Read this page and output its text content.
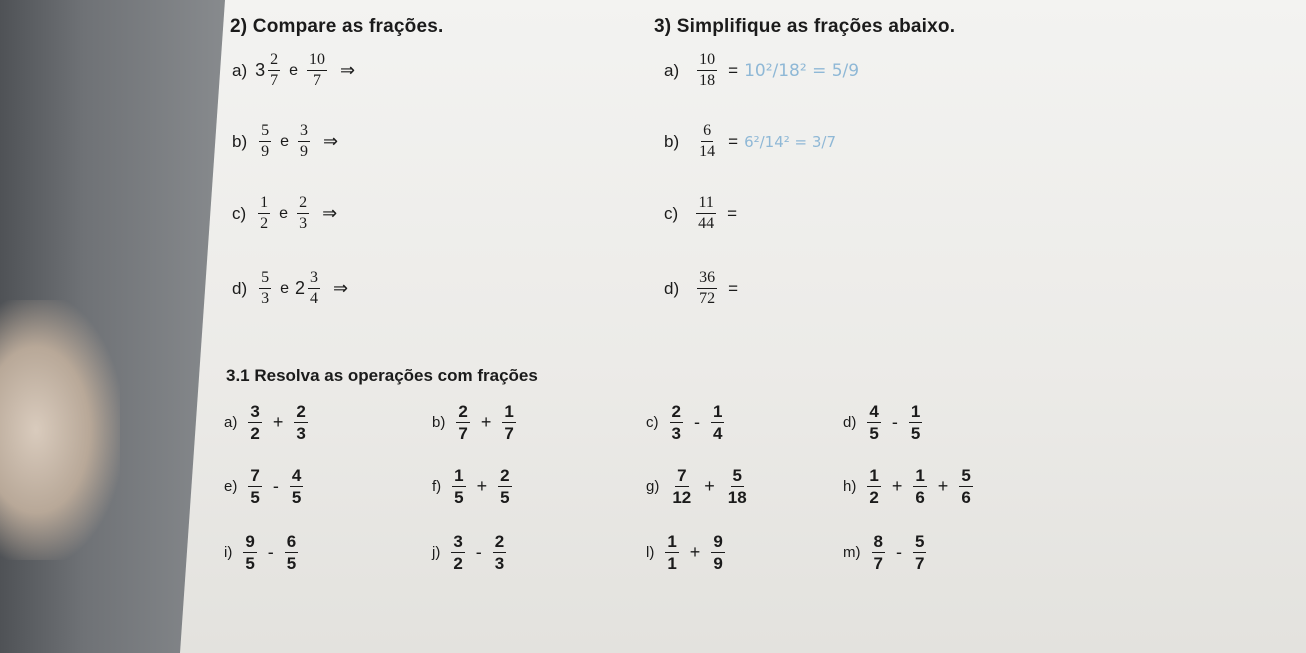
2) Compare as frações.
a) $3 \frac{2}{7}$ e $\frac{10}{7}$ ⇒
$b) \frac{5}{9}$ e $\frac{3}{9}$ ⇒
$c) \frac{1}{2}$ e $\frac{2}{3}$ ⇒
$d) \frac{5}{3}$ e $2 \frac{3}{4}$ ⇒
3) Simplifique as frações abaixo.
$a) \frac{10}{18} = 10^2/18^2 = 5/9$
$b) \frac{6}{14} = 6^2/14^2 = 3/7$
$c) \frac{11}{44}$ =
$d) \frac{36}{72}$ =
3.1 Resolva as operações com frações
$a) \frac{3}{2} + \frac{2}{3}$	$b) \frac{2}{7} + \frac{1}{7}$	$c) \frac{2}{3} - \frac{1}{4}$	$d) \frac{4}{5} - \frac{1}{5}$
$e) \frac{7}{5} - \frac{4}{5}$	$f) \frac{1}{5} + \frac{2}{5}$	$g) \frac{7}{12} + \frac{5}{18}$	$h) \frac{1}{2} + \frac{1}{6} + \frac{5}{6}$
$i) \frac{9}{5} - \frac{6}{5}$	$j) \frac{3}{2} - \frac{2}{3}$	$l) \frac{1}{1} + \frac{9}{9}$	$m) \frac{8}{7} - \frac{5}{7}$
